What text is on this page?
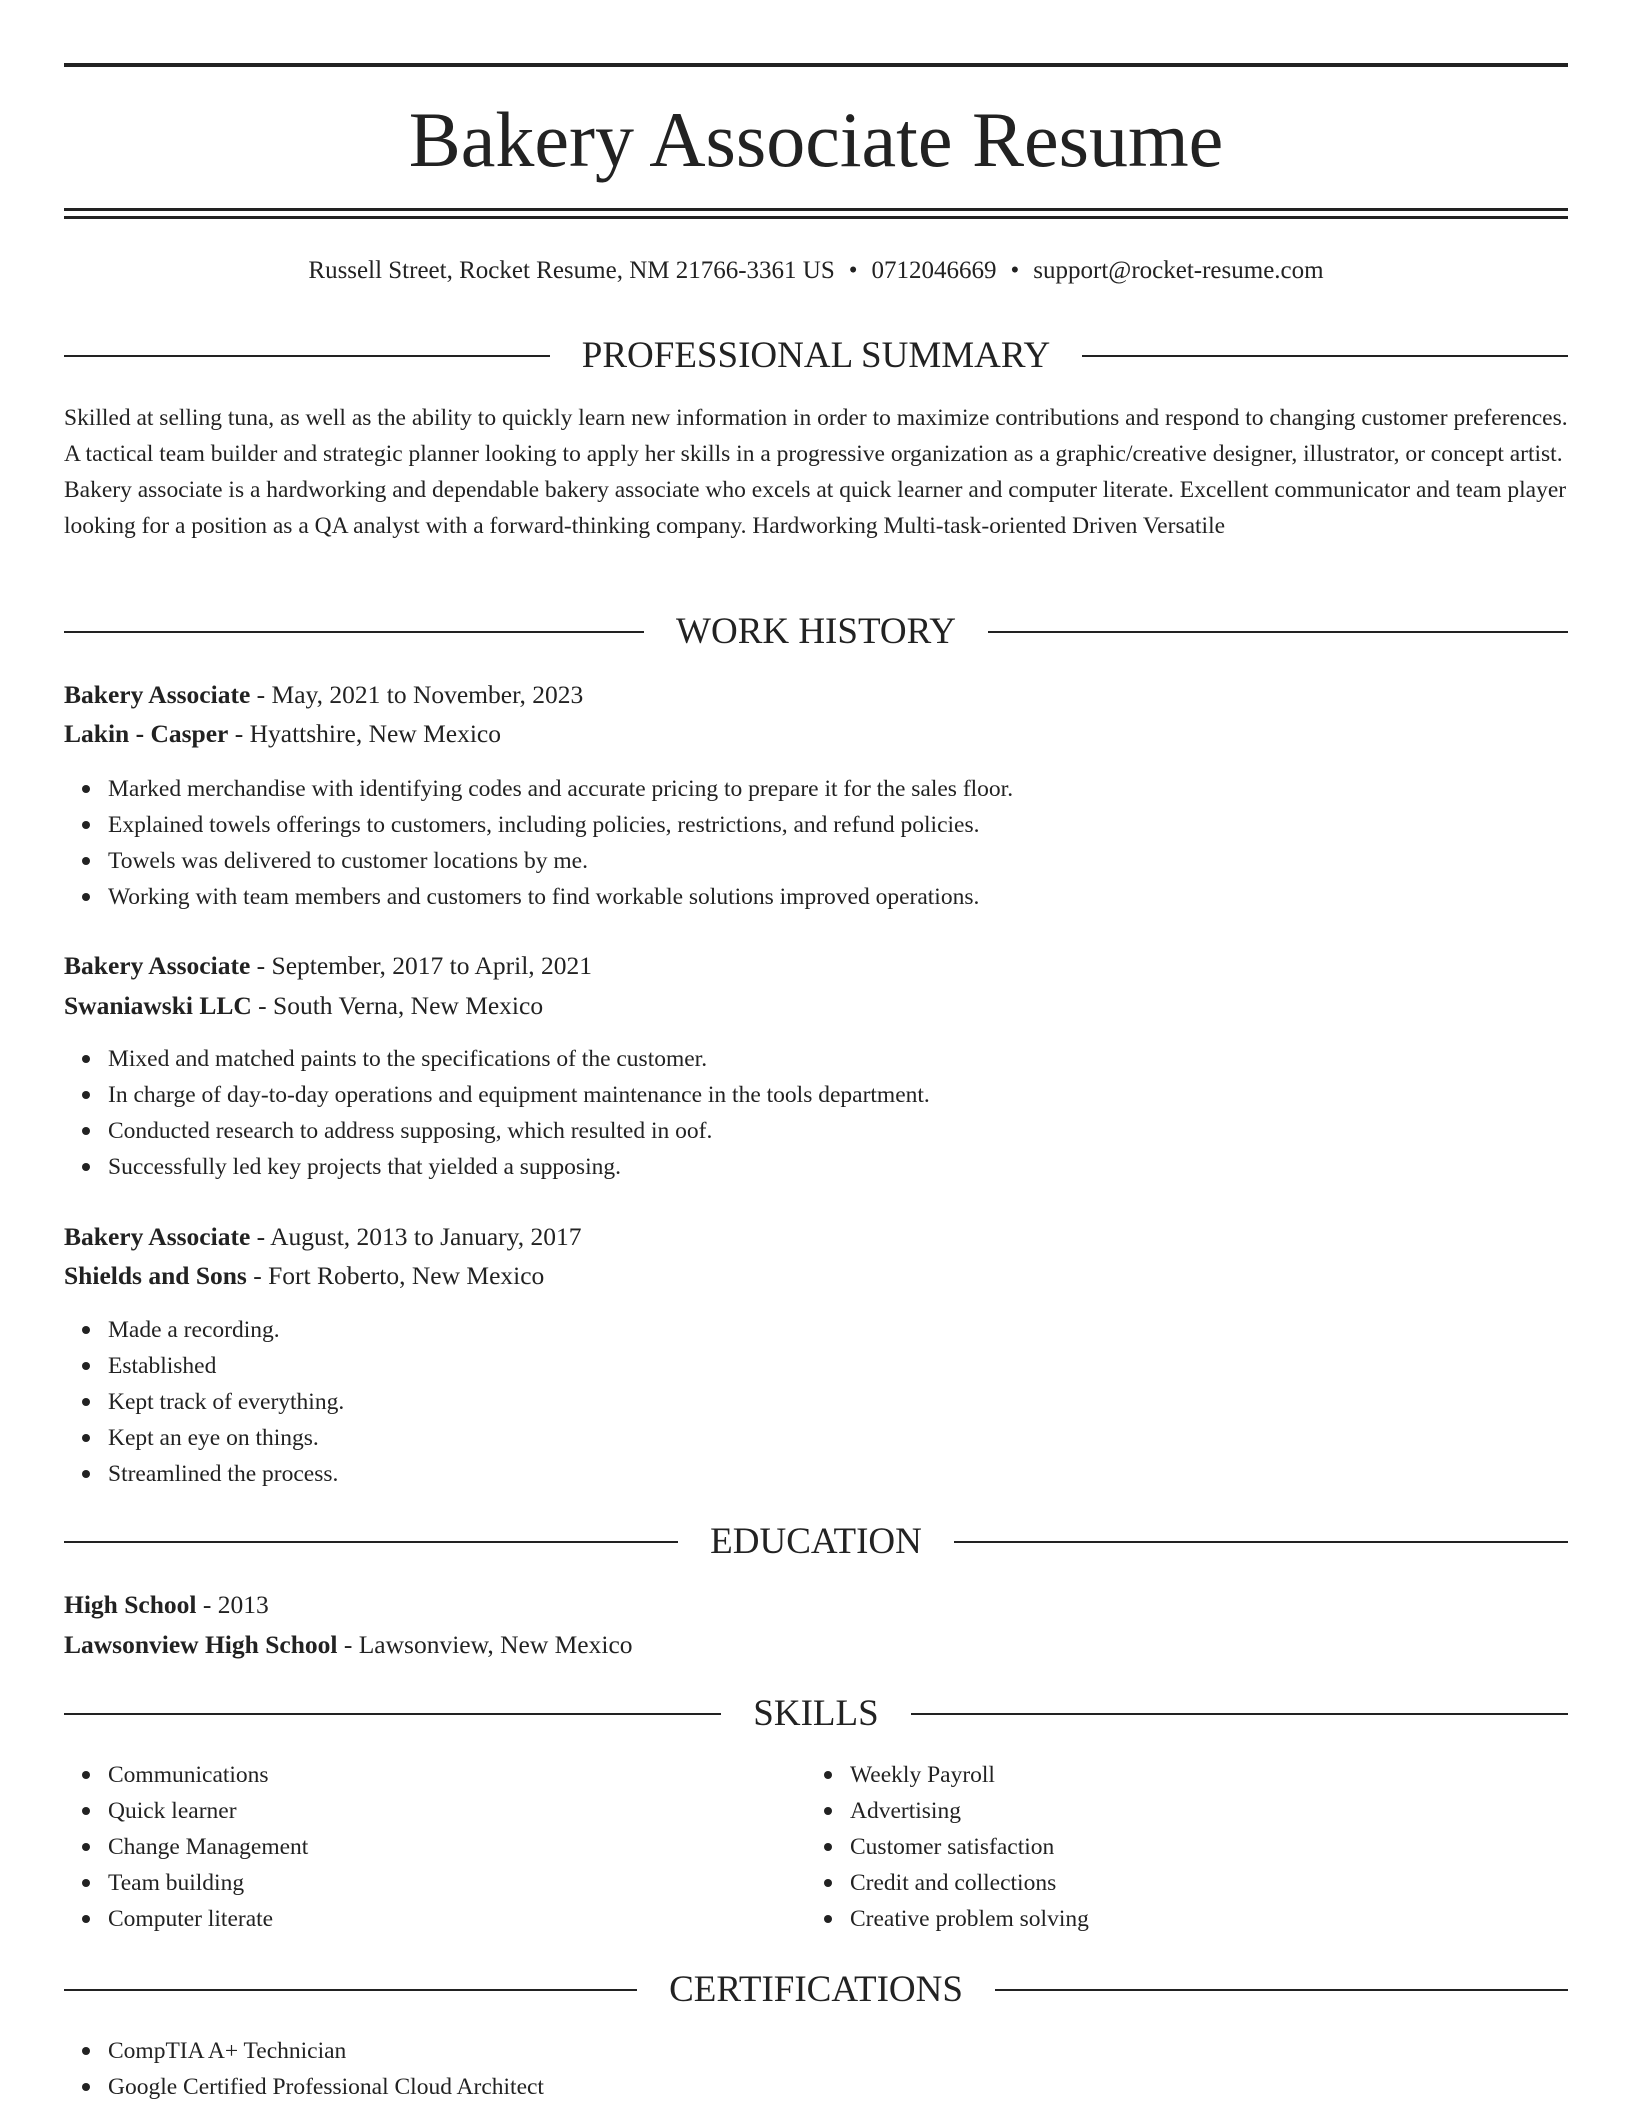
Bakery Associate Resume
Russell Street, Rocket Resume, NM 21766-3361 US • 0712046669 • support@rocket-resume.com
PROFESSIONAL SUMMARY

Skilled at selling tuna, as well as the ability to quickly learn new information in order to maximize contributions and respond to changing customer preferences. A tactical team builder and strategic planner looking to apply her skills in a progressive organization as a graphic/creative designer, illustrator, or concept artist. Bakery associate is a hardworking and dependable bakery associate who excels at quick learner and computer literate. Excellent communicator and team player looking for a position as a QA analyst with a forward-thinking company. Hardworking Multi-task-oriented Driven Versatile

WORK HISTORY
Bakery Associate - May, 2021 to November, 2023
Lakin - Casper - Hyattshire, New Mexico
Marked merchandise with identifying codes and accurate pricing to prepare it for the sales floor.
Explained towels offerings to customers, including policies, restrictions, and refund policies.
Towels was delivered to customer locations by me.
Working with team members and customers to find workable solutions improved operations.
Bakery Associate - September, 2017 to April, 2021
Swaniawski LLC - South Verna, New Mexico
Mixed and matched paints to the specifications of the customer.
In charge of day-to-day operations and equipment maintenance in the tools department.
Conducted research to address supposing, which resulted in oof.
Successfully led key projects that yielded a supposing.
Bakery Associate - August, 2013 to January, 2017
Shields and Sons - Fort Roberto, New Mexico
Made a recording.
Established
Kept track of everything.
Kept an eye on things.
Streamlined the process.
EDUCATION
High School - 2013
Lawsonview High School - Lawsonview, New Mexico
SKILLS
Communications
Quick learner
Change Management
Team building
Computer literate
Weekly Payroll
Advertising
Customer satisfaction
Credit and collections
Creative problem solving
CERTIFICATIONS
CompTIA A+ Technician
Google Certified Professional Cloud Architect
